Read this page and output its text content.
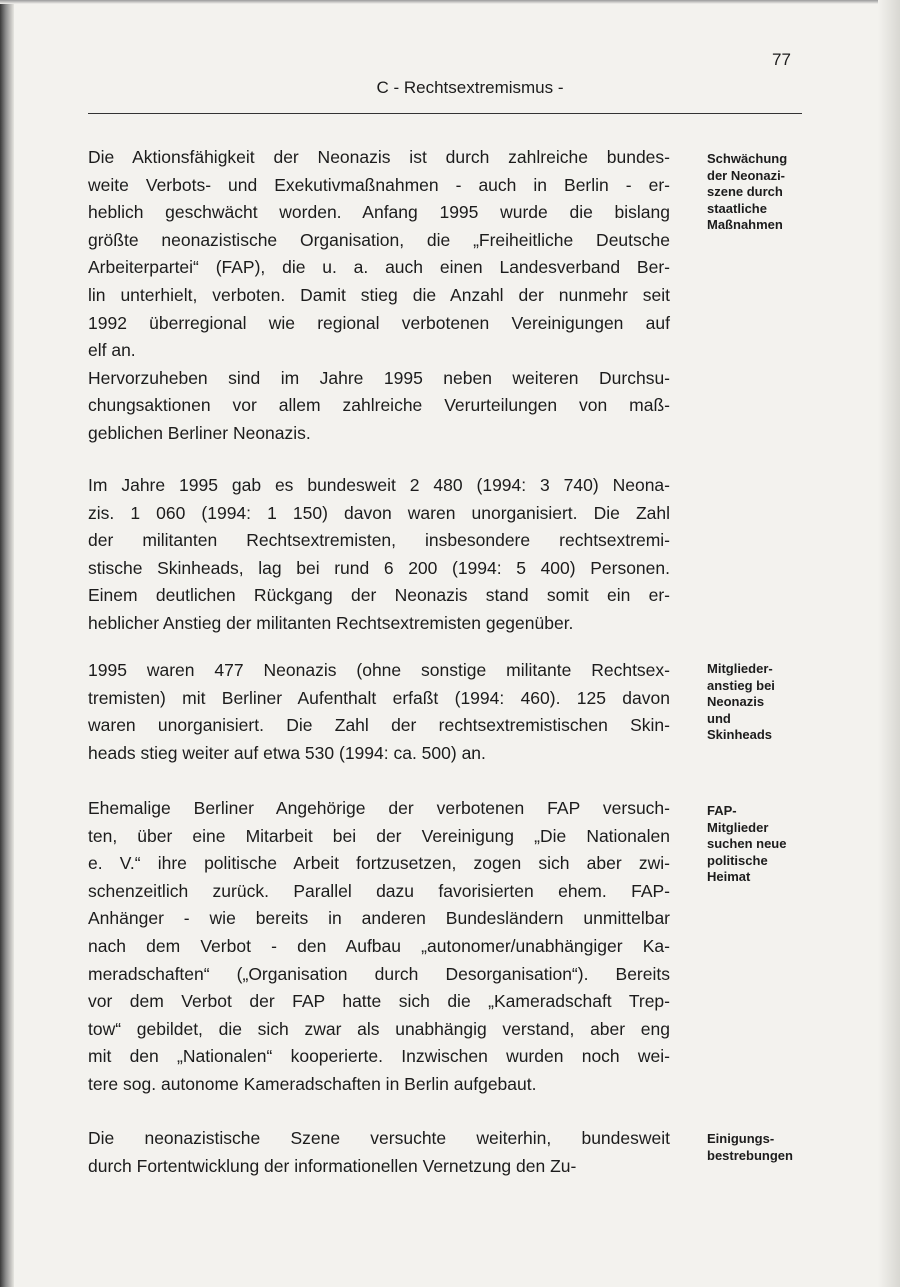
77
C - Rechtsextremismus -
Die Aktionsfähigkeit der Neonazis ist durch zahlreiche bundes-
weite Verbots- und Exekutivmaßnahmen - auch in Berlin - er-
heblich geschwächt worden. Anfang 1995 wurde die bislang
größte neonazistische Organisation, die „Freiheitliche Deutsche
Arbeiterpartei“ (FAP), die u. a. auch einen Landesverband Ber-
lin unterhielt, verboten. Damit stieg die Anzahl der nunmehr seit
1992 überregional wie regional verbotenen Vereinigungen auf
elf an.
Hervorzuheben sind im Jahre 1995 neben weiteren Durchsu-
chungsaktionen vor allem zahlreiche Verurteilungen von maß-
geblichen Berliner Neonazis.
Im Jahre 1995 gab es bundesweit 2 480 (1994: 3 740) Neona-
zis. 1 060 (1994: 1 150) davon waren unorganisiert. Die Zahl
der militanten Rechtsextremisten, insbesondere rechtsextremi-
stische Skinheads, lag bei rund 6 200 (1994: 5 400) Personen.
Einem deutlichen Rückgang der Neonazis stand somit ein er-
heblicher Anstieg der militanten Rechtsextremisten gegenüber.
1995 waren 477 Neonazis (ohne sonstige militante Rechtsex-
tremisten) mit Berliner Aufenthalt erfaßt (1994: 460). 125 davon
waren unorganisiert. Die Zahl der rechtsextremistischen Skin-
heads stieg weiter auf etwa 530 (1994: ca. 500) an.
Ehemalige Berliner Angehörige der verbotenen FAP versuch-
ten, über eine Mitarbeit bei der Vereinigung „Die Nationalen
e. V.“ ihre politische Arbeit fortzusetzen, zogen sich aber zwi-
schenzeitlich zurück. Parallel dazu favorisierten ehem. FAP-
Anhänger - wie bereits in anderen Bundesländern unmittelbar
nach dem Verbot - den Aufbau „autonomer/unabhängiger Ka-
meradschaften“ („Organisation durch Desorganisation“). Bereits
vor dem Verbot der FAP hatte sich die „Kameradschaft Trep-
tow“ gebildet, die sich zwar als unabhängig verstand, aber eng
mit den „Nationalen“ kooperierte. Inzwischen wurden noch wei-
tere sog. autonome Kameradschaften in Berlin aufgebaut.
Die neonazistische Szene versuchte weiterhin, bundesweit
durch Fortentwicklung der informationellen Vernetzung den Zu-
Schwächung
der Neonazi-
szene durch
staatliche
Maßnahmen
Mitglieder-
anstieg bei
Neonazis
und
Skinheads
FAP-
Mitglieder
suchen neue
politische
Heimat
Einigungs-
bestrebungen
